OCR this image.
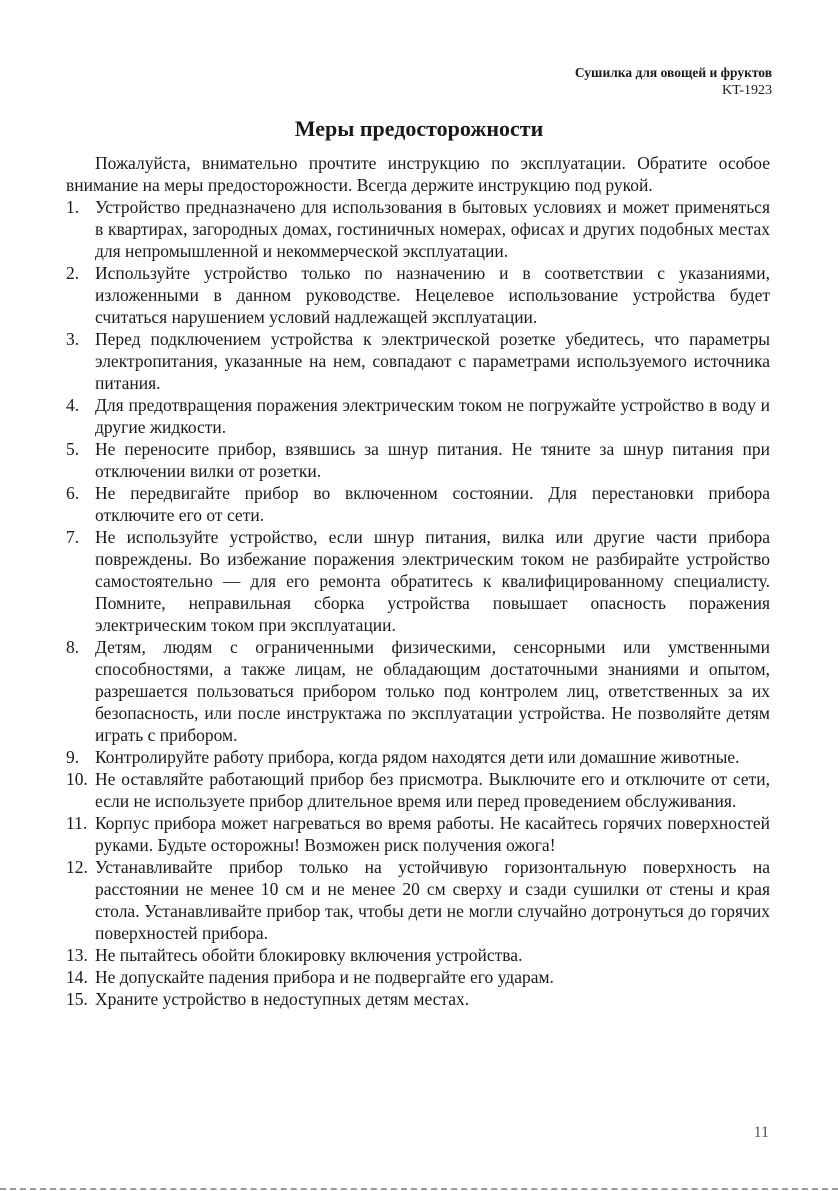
Сушилка для овощей и фруктов
KT-1923
Меры предосторожности

Пожалуйста, внимательно прочтите инструкцию по эксплуатации. Обратите особое внимание на меры предосторожности. Всегда держите инструкцию под рукой.

1. Устройство предназначено для использования в бытовых условиях и может применяться в квартирах, загородных домах, гостиничных номерах, офисах и других подобных местах для непромышленной и некоммерческой эксплуатации.
2. Используйте устройство только по назначению и в соответствии с указаниями, изложенными в данном руководстве. Нецелевое использование устройства будет считаться нарушением условий надлежащей эксплуатации.
3. Перед подключением устройства к электрической розетке убедитесь, что параметры электропитания, указанные на нем, совпадают с параметрами используемого источника питания.
4. Для предотвращения поражения электрическим током не погружайте устройство в воду и другие жидкости.
5. Не переносите прибор, взявшись за шнур питания. Не тяните за шнур питания при отключении вилки от розетки.
6. Не передвигайте прибор во включенном состоянии. Для перестановки прибора отключите его от сети.
7. Не используйте устройство, если шнур питания, вилка или другие части прибора повреждены. Во избежание поражения электрическим током не разбирайте устройство самостоятельно — для его ремонта обратитесь к квалифицированному специалисту. Помните, неправильная сборка устройства повышает опасность поражения электрическим током при эксплуатации.
8. Детям, людям с ограниченными физическими, сенсорными или умственными способностями, а также лицам, не обладающим достаточными знаниями и опытом, разрешается пользоваться прибором только под контролем лиц, ответственных за их безопасность, или после инструктажа по эксплуатации устройства. Не позволяйте детям играть с прибором.
9. Контролируйте работу прибора, когда рядом находятся дети или домашние животные.
10. Не оставляйте работающий прибор без присмотра. Выключите его и отключите от сети, если не используете прибор длительное время или перед проведением обслуживания.
11. Корпус прибора может нагреваться во время работы. Не касайтесь горячих поверхностей руками. Будьте осторожны! Возможен риск получения ожога!
12. Устанавливайте прибор только на устойчивую горизонтальную поверхность на расстоянии не менее 10 см и не менее 20 см сверху и сзади сушилки от стены и края стола. Устанавливайте прибор так, чтобы дети не могли случайно дотронуться до горячих поверхностей прибора.
13. Не пытайтесь обойти блокировку включения устройства.
14. Не допускайте падения прибора и не подвергайте его ударам.
15. Храните устройство в недоступных детям местах.
11
